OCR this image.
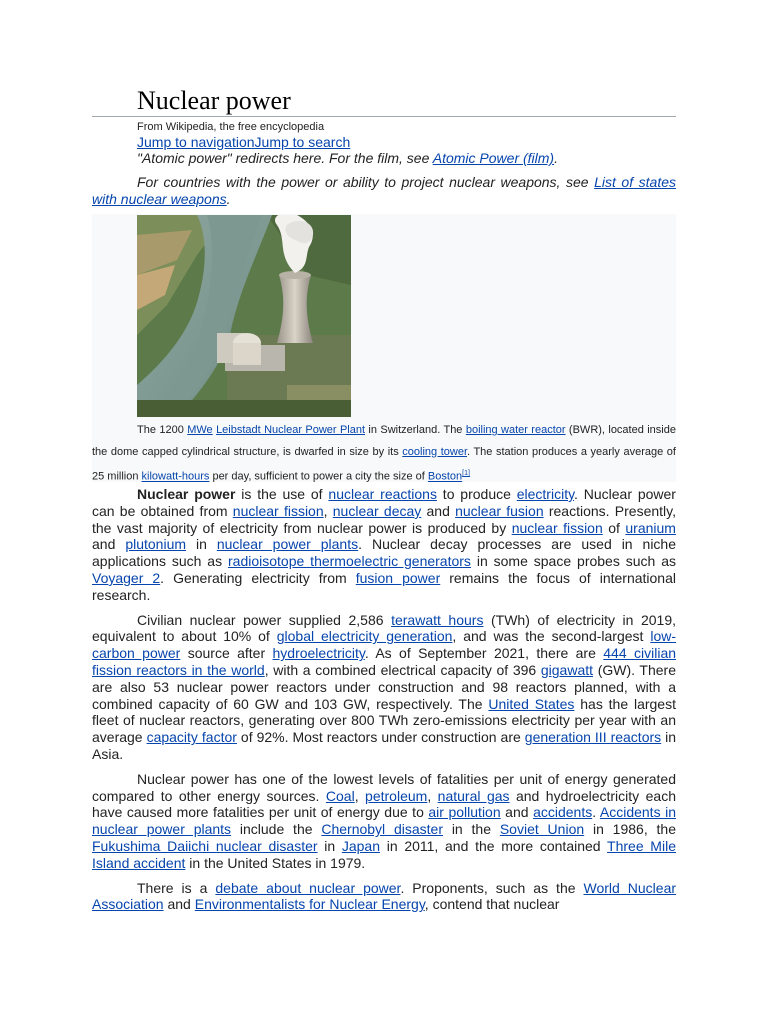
Nuclear power
From Wikipedia, the free encyclopedia
Jump to navigationJump to search
"Atomic power" redirects here. For the film, see Atomic Power (film).
For countries with the power or ability to project nuclear weapons, see List of states with nuclear weapons.
The 1200 MWe Leibstadt Nuclear Power Plant in Switzerland. The boiling water reactor (BWR), located inside the dome capped cylindrical structure, is dwarfed in size by its cooling tower. The station produces a yearly average of 25 million kilowatt-hours per day, sufficient to power a city the size of Boston[1]

Nuclear power is the use of nuclear reactions to produce electricity. Nuclear power can be obtained from nuclear fission, nuclear decay and nuclear fusion reactions. Presently, the vast majority of electricity from nuclear power is produced by nuclear fission of uranium and plutonium in nuclear power plants. Nuclear decay processes are used in niche applications such as radioisotope thermoelectric generators in some space probes such as Voyager 2. Generating electricity from fusion power remains the focus of international research.

Civilian nuclear power supplied 2,586 terawatt hours (TWh) of electricity in 2019, equivalent to about 10% of global electricity generation, and was the second-largest low-carbon power source after hydroelectricity. As of September 2021, there are 444 civilian fission reactors in the world, with a combined electrical capacity of 396 gigawatt (GW). There are also 53 nuclear power reactors under construction and 98 reactors planned, with a combined capacity of 60 GW and 103 GW, respectively. The United States has the largest fleet of nuclear reactors, generating over 800 TWh zero-emissions electricity per year with an average capacity factor of 92%. Most reactors under construction are generation III reactors in Asia.

Nuclear power has one of the lowest levels of fatalities per unit of energy generated compared to other energy sources. Coal, petroleum, natural gas and hydroelectricity each have caused more fatalities per unit of energy due to air pollution and accidents. Accidents in nuclear power plants include the Chernobyl disaster in the Soviet Union in 1986, the Fukushima Daiichi nuclear disaster in Japan in 2011, and the more contained Three Mile Island accident in the United States in 1979.

There is a debate about nuclear power. Proponents, such as the World Nuclear Association and Environmentalists for Nuclear Energy, contend that nuclear
